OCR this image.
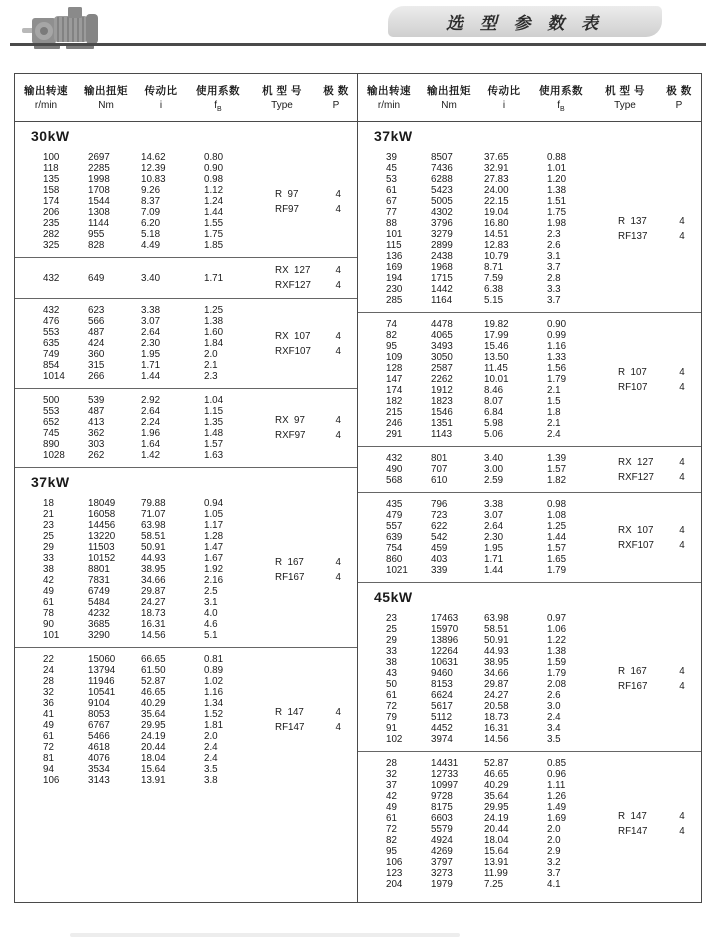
选 型 参 数 表
输出转速
r/min
输出扭矩
Nm
传动比
i
使用系数
$f_B$
机 型 号
Type
极 数
P
30kW
100	2697	14.62	0.80
118	2285	12.39	0.90
135	1998	10.83	0.98
158	1708	9.26	1.12
174	1544	8.37	1.24
206	1308	7.09	1.44
235	1144	6.20	1.55
282	955	5.18	1.75
325	828	4.49	1.85
R  97	4
RF97	4
432	649	3.40	1.71
RX  127	4
RXF127	4
432	623	3.38	1.25
476	566	3.07	1.38
553	487	2.64	1.60
635	424	2.30	1.84
749	360	1.95	2.0
854	315	1.71	2.1
1014	266	1.44	2.3
RX  107	4
RXF107	4
500	539	2.92	1.04
553	487	2.64	1.15
652	413	2.24	1.35
745	362	1.96	1.48
890	303	1.64	1.57
1028	262	1.42	1.63
RX  97	4
RXF97	4
37kW
18	18049	79.88	0.94
21	16058	71.07	1.05
23	14456	63.98	1.17
25	13220	58.51	1.28
29	11503	50.91	1.47
33	10152	44.93	1.67
38	8801	38.95	1.92
42	7831	34.66	2.16
49	6749	29.87	2.5
61	5484	24.27	3.1
78	4232	18.73	4.0
90	3685	16.31	4.6
101	3290	14.56	5.1
R  167	4
RF167	4
22	15060	66.65	0.81
24	13794	61.50	0.89
28	11946	52.87	1.02
32	10541	46.65	1.16
36	9104	40.29	1.34
41	8053	35.64	1.52
49	6767	29.95	1.81
61	5466	24.19	2.0
72	4618	20.44	2.4
81	4076	18.04	2.4
94	3534	15.64	3.5
106	3143	13.91	3.8
R  147	4
RF147	4
输出转速
r/min
输出扭矩
Nm
传动比
i
使用系数
$f_B$
机 型 号
Type
极 数
P
37kW
39	8507	37.65	0.88
45	7436	32.91	1.01
53	6288	27.83	1.20
61	5423	24.00	1.38
67	5005	22.15	1.51
77	4302	19.04	1.75
88	3796	16.80	1.98
101	3279	14.51	2.3
115	2899	12.83	2.6
136	2438	10.79	3.1
169	1968	8.71	3.7
194	1715	7.59	2.8
230	1442	6.38	3.3
285	1164	5.15	3.7
R  137	4
RF137	4
74	4478	19.82	0.90
82	4065	17.99	0.99
95	3493	15.46	1.16
109	3050	13.50	1.33
128	2587	11.45	1.56
147	2262	10.01	1.79
174	1912	8.46	2.1
182	1823	8.07	1.5
215	1546	6.84	1.8
246	1351	5.98	2.1
291	1143	5.06	2.4
R  107	4
RF107	4
432	801	3.40	1.39
490	707	3.00	1.57
568	610	2.59	1.82
RX  127	4
RXF127	4
435	796	3.38	0.98
479	723	3.07	1.08
557	622	2.64	1.25
639	542	2.30	1.44
754	459	1.95	1.57
860	403	1.71	1.65
1021	339	1.44	1.79
RX  107	4
RXF107	4
45kW
23	17463	63.98	0.97
25	15970	58.51	1.06
29	13896	50.91	1.22
33	12264	44.93	1.38
38	10631	38.95	1.59
43	9460	34.66	1.79
50	8153	29.87	2.08
61	6624	24.27	2.6
72	5617	20.58	3.0
79	5112	18.73	2.4
91	4452	16.31	3.4
102	3974	14.56	3.5
R  167	4
RF167	4
28	14431	52.87	0.85
32	12733	46.65	0.96
37	10997	40.29	1.11
42	9728	35.64	1.26
49	8175	29.95	1.49
61	6603	24.19	1.69
72	5579	20.44	2.0
82	4924	18.04	2.0
95	4269	15.64	2.9
106	3797	13.91	3.2
123	3273	11.99	3.7
204	1979	7.25	4.1
R  147	4
RF147	4
